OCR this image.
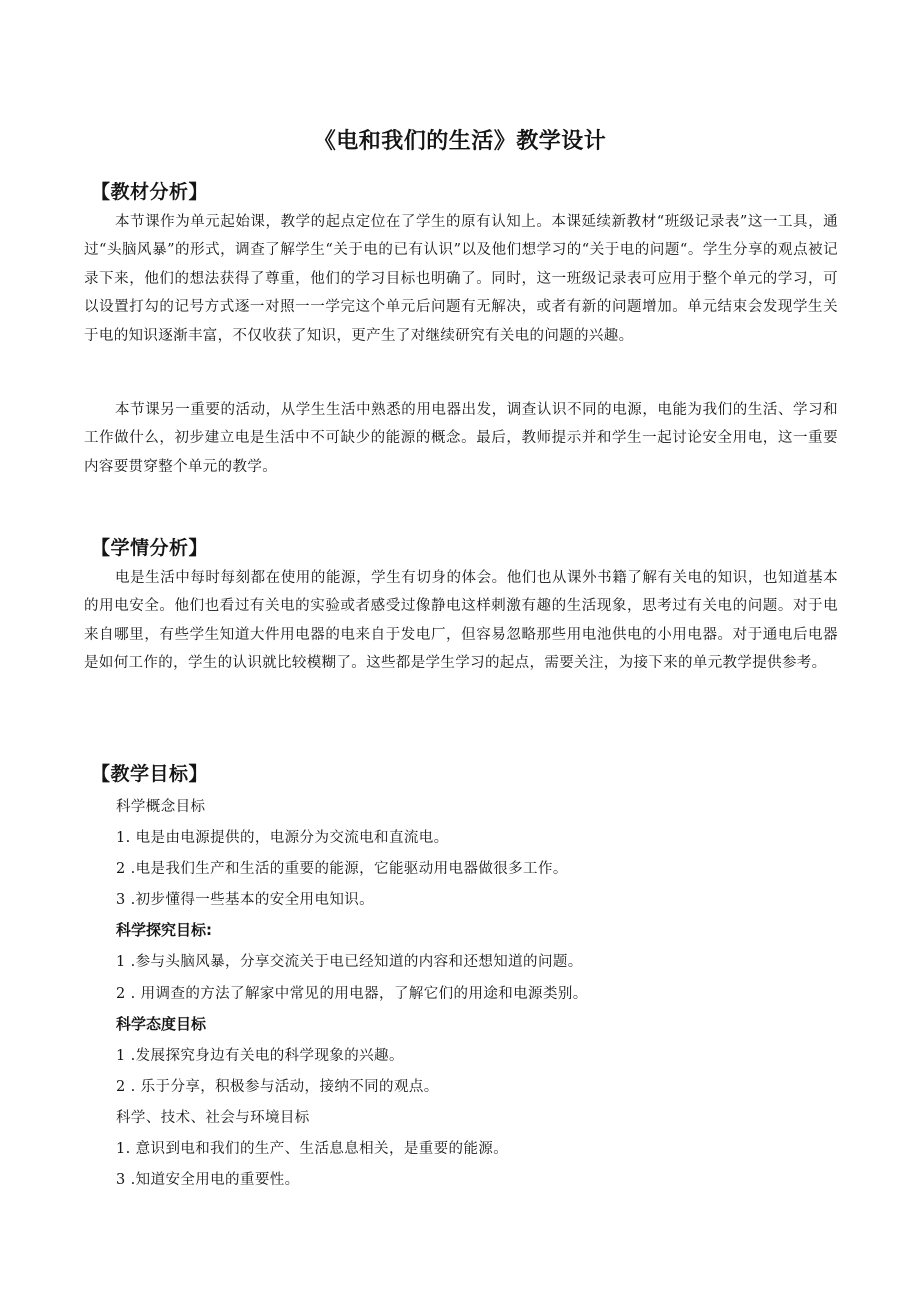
《电和我们的生活》教学设计
【教材分析】

本节课作为单元起始课，教学的起点定位在了学生的原有认知上。本课延续新教材“班级记录表”这一工具，通过“头脑风暴”的形式，调查了解学生“关于电的已有认识”以及他们想学习的“关于电的问题“。学生分享的观点被记录下来，他们的想法获得了尊重，他们的学习目标也明确了。同时，这一班级记录表可应用于整个单元的学习，可以设置打勾的记号方式逐一对照一一学完这个单元后问题有无解决，或者有新的问题增加。单元结束会发现学生关于电的知识逐渐丰富，不仅收获了知识，更产生了对继续研究有关电的问题的兴趣。

本节课另一重要的活动，从学生生活中熟悉的用电器出发，调查认识不同的电源，电能为我们的生活、学习和工作做什么，初步建立电是生活中不可缺少的能源的概念。最后，教师提示并和学生一起讨论安全用电，这一重要内容要贯穿整个单元的教学。

【学情分析】

电是生活中每时每刻都在使用的能源，学生有切身的体会。他们也从课外书籍了解有关电的知识，也知道基本的用电安全。他们也看过有关电的实验或者感受过像静电这样刺激有趣的生活现象，思考过有关电的问题。对于电来自哪里，有些学生知道大件用电器的电来自于发电厂，但容易忽略那些用电池供电的小用电器。对于通电后电器是如何工作的，学生的认识就比较模糊了。这些都是学生学习的起点，需要关注，为接下来的单元教学提供参考。

【教学目标】

科学概念目标

1. 电是由电源提供的，电源分为交流电和直流电。

2 .电是我们生产和生活的重要的能源，它能驱动用电器做很多工作。

3 .初步懂得一些基本的安全用电知识。

科学探究目标:

1 .参与头脑风暴，分享交流关于电已经知道的内容和还想知道的问题。

2 . 用调查的方法了解家中常见的用电器，了解它们的用途和电源类别。

科学态度目标

1 .发展探究身边有关电的科学现象的兴趣。

2 . 乐于分享，积极参与活动，接纳不同的观点。

科学、技术、社会与环境目标

1. 意识到电和我们的生产、生活息息相关，是重要的能源。

3 .知道安全用电的重要性。
